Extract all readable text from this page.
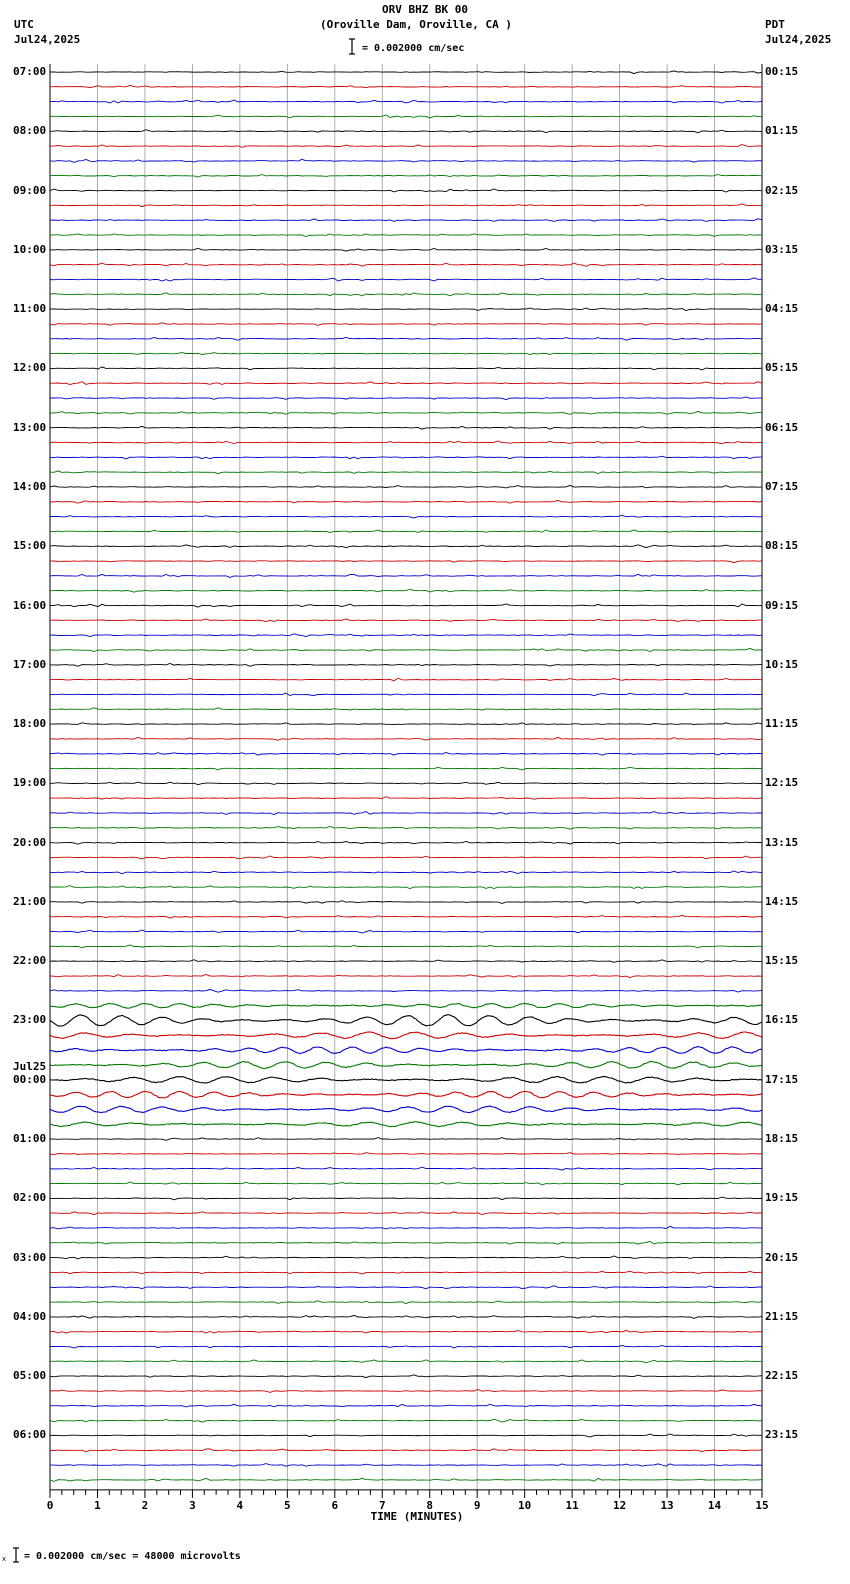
ORV BHZ BK 00
(Oroville Dam, Oroville, CA )
UTC
Jul24,2025
PDT
Jul24,2025
= 0.002000 cm/sec
07:00
08:00
09:00
10:00
11:00
12:00
13:00
14:00
15:00
16:00
17:00
18:00
19:00
20:00
21:00
22:00
23:00
00:00
Jul25
01:00
02:00
03:00
04:00
05:00
06:00
00:15
01:15
02:15
03:15
04:15
05:15
06:15
07:15
08:15
09:15
10:15
11:15
12:15
13:15
14:15
15:15
16:15
17:15
18:15
19:15
20:15
21:15
22:15
23:15
0	1	2	3	4	5	6	7	8	9	10	11	12	13	14	15
TIME (MINUTES)
x = 0.002000 cm/sec = 48000 microvolts
